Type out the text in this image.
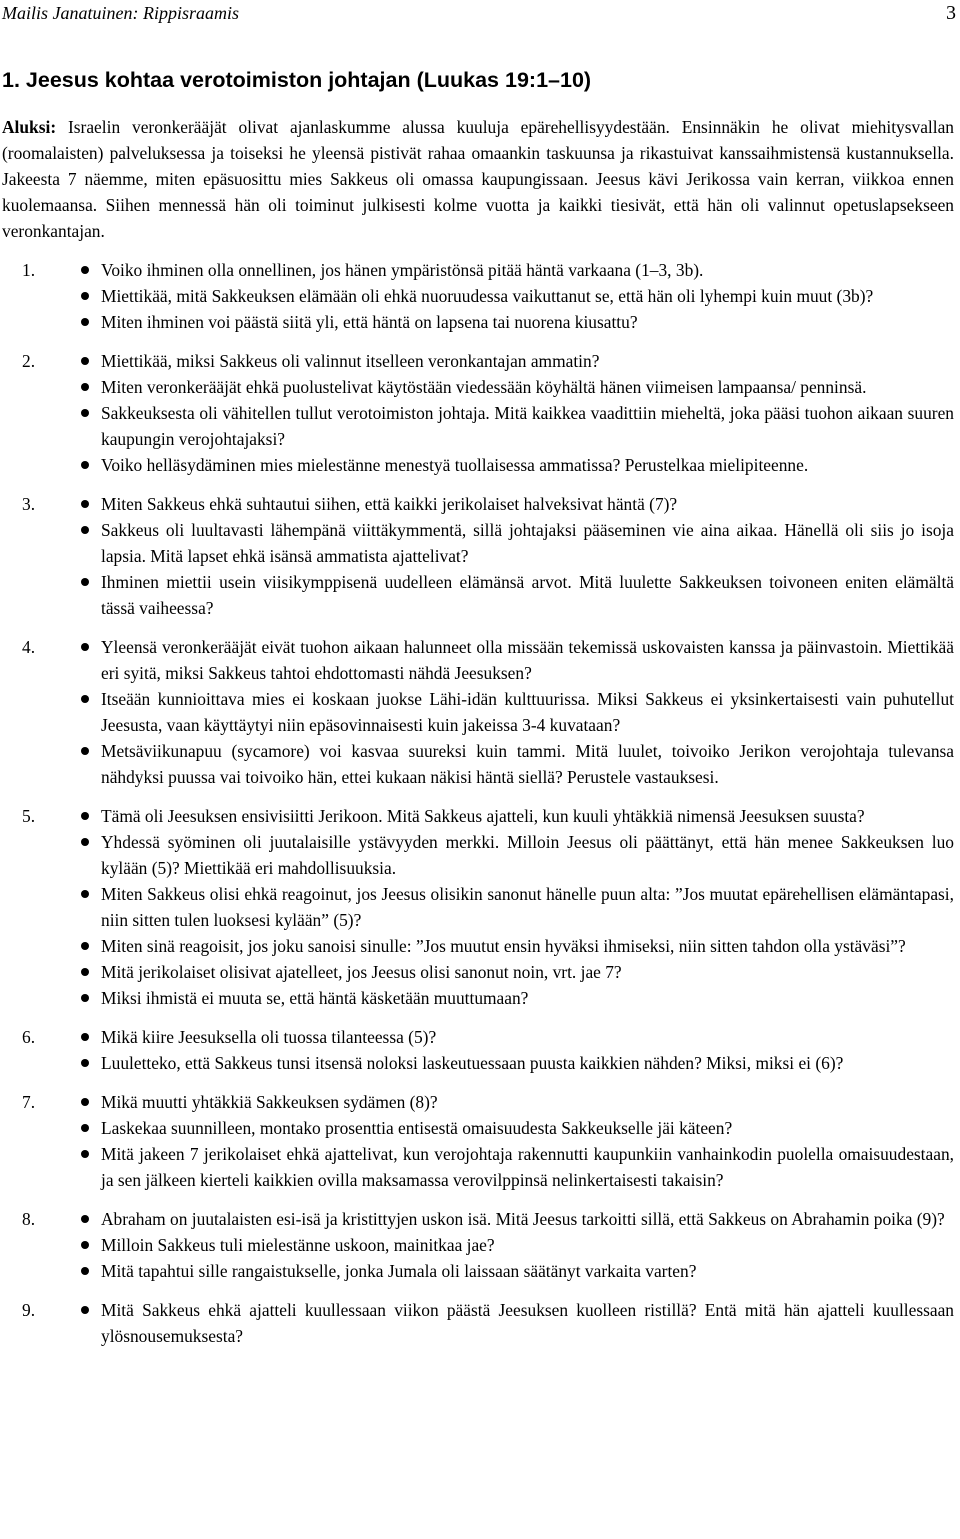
Mailis Janatuinen: Rippisraamis	3
1. Jeesus kohtaa verotoimiston johtajan (Luukas 19:1–10)

Aluksi: Israelin veronkerääjät olivat ajanlaskumme alussa kuuluja epärehellisyydestään. Ensinnäkin he olivat miehitysvallan (roomalaisten) palveluksessa ja toiseksi he yleensä pistivät rahaa omaankin taskuunsa ja rikastuivat kanssaihmistensä kustannuksella. Jakeesta 7 näemme, miten epäsuosittu mies Sakkeus oli omassa kaupungissaan. Jeesus kävi Jerikossa vain kerran, viikkoa ennen kuolemaansa. Siihen mennessä hän oli toiminut julkisesti kolme vuotta ja kaikki tiesivät, että hän oli valinnut opetuslapsekseen veronkantajan.

1.	Voiko ihminen olla onnellinen, jos hänen ympäristönsä pitää häntä varkaana (1–3, 3b).
Miettikää, mitä Sakkeuksen elämään oli ehkä nuoruudessa vaikuttanut se, että hän oli lyhempi kuin muut (3b)?
Miten ihminen voi päästä siitä yli, että häntä on lapsena tai nuorena kiusattu?
2.	Miettikää, miksi Sakkeus oli valinnut itselleen veronkantajan ammatin?
Miten veronkerääjät ehkä puolustelivat käytöstään viedessään köyhältä hänen viimeisen lampaansa/ penninsä.
Sakkeuksesta oli vähitellen tullut verotoimiston johtaja. Mitä kaikkea vaadittiin mieheltä, joka pääsi tuohon aikaan suuren kaupungin verojohtajaksi?
Voiko helläsydäminen mies mielestänne menestyä tuollaisessa ammatissa? Perustelkaa mielipiteenne.
3.	Miten Sakkeus ehkä suhtautui siihen, että kaikki jerikolaiset halveksivat häntä (7)?
Sakkeus oli luultavasti lähempänä viittäkymmentä, sillä johtajaksi pääseminen vie aina aikaa. Hänellä oli siis jo isoja lapsia. Mitä lapset ehkä isänsä ammatista ajattelivat?
Ihminen miettii usein viisikymppisenä uudelleen elämänsä arvot. Mitä luulette Sakkeuksen toivoneen eniten elämältä tässä vaiheessa?
4.	Yleensä veronkerääjät eivät tuohon aikaan halunneet olla missään tekemissä uskovaisten kanssa ja päinvastoin. Miettikää eri syitä, miksi Sakkeus tahtoi ehdottomasti nähdä Jeesuksen?
Itseään kunnioittava mies ei koskaan juokse Lähi-idän kulttuurissa. Miksi Sakkeus ei yksinkertaisesti vain puhutellut Jeesusta, vaan käyttäytyi niin epäsovinnaisesti kuin jakeissa 3-4 kuvataan?
Metsäviikunapuu (sycamore) voi kasvaa suureksi kuin tammi. Mitä luulet, toivoiko Jerikon verojohtaja tulevansa nähdyksi puussa vai toivoiko hän, ettei kukaan näkisi häntä siellä? Perustele vastauksesi.
5.	Tämä oli Jeesuksen ensivisiitti Jerikoon. Mitä Sakkeus ajatteli, kun kuuli yhtäkkiä nimensä Jeesuksen suusta?
Yhdessä syöminen oli juutalaisille ystävyyden merkki. Milloin Jeesus oli päättänyt, että hän menee Sakkeuksen luo kylään (5)? Miettikää eri mahdollisuuksia.
Miten Sakkeus olisi ehkä reagoinut, jos Jeesus olisikin sanonut hänelle puun alta: ”Jos muutat epärehellisen elämäntapasi, niin sitten tulen luoksesi kylään” (5)?
Miten sinä reagoisit, jos joku sanoisi sinulle: ”Jos muutut ensin hyväksi ihmiseksi, niin sitten tahdon olla ystäväsi”?
Mitä jerikolaiset olisivat ajatelleet, jos Jeesus olisi sanonut noin, vrt. jae 7?
Miksi ihmistä ei muuta se, että häntä käsketään muuttumaan?
6.	Mikä kiire Jeesuksella oli tuossa tilanteessa (5)?
Luuletteko, että Sakkeus tunsi itsensä noloksi laskeutuessaan puusta kaikkien nähden? Miksi, miksi ei (6)?
7.	Mikä muutti yhtäkkiä Sakkeuksen sydämen (8)?
Laskekaa suunnilleen, montako prosenttia entisestä omaisuudesta Sakkeukselle jäi käteen?
Mitä jakeen 7 jerikolaiset ehkä ajattelivat, kun verojohtaja rakennutti kaupunkiin vanhainkodin puolella omaisuudestaan, ja sen jälkeen kierteli kaikkien ovilla maksamassa verovilppinsä nelinkertaisesti takaisin?
8.	Abraham on juutalaisten esi-isä ja kristittyjen uskon isä. Mitä Jeesus tarkoitti sillä, että Sakkeus on Abrahamin poika (9)?
Milloin Sakkeus tuli mielestänne uskoon, mainitkaa jae?
Mitä tapahtui sille rangaistukselle, jonka Jumala oli laissaan säätänyt varkaita varten?
9.	Mitä Sakkeus ehkä ajatteli kuullessaan viikon päästä Jeesuksen kuolleen ristillä? Entä mitä hän ajatteli kuullessaan ylösnousemuksesta?
